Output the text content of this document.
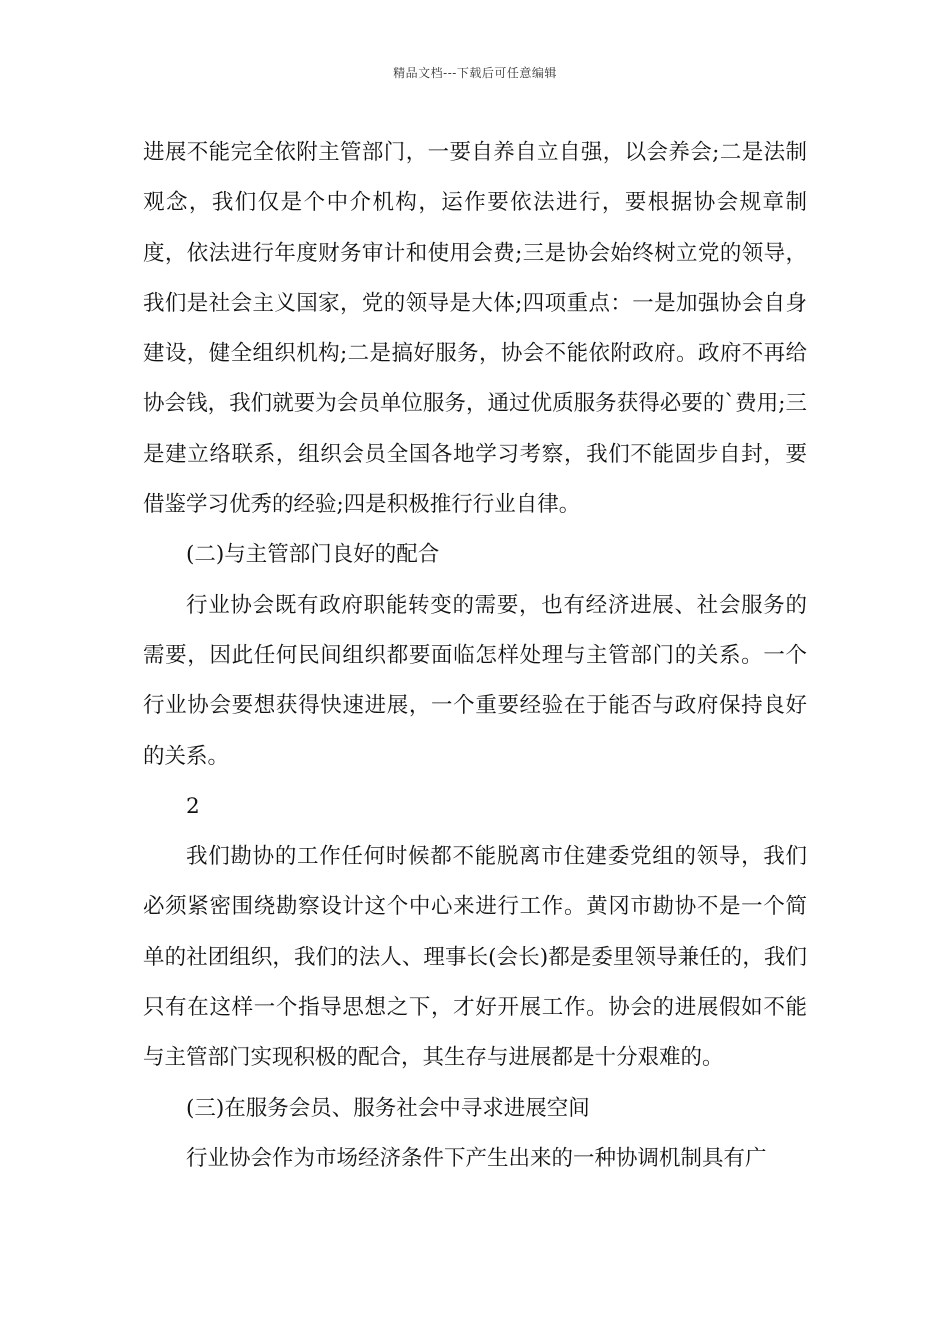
精品文档---下载后可任意编辑

进展不能完全依附主管部门，一要自养自立自强，以会养会;二是法制观念，我们仅是个中介机构，运作要依法进行，要根据协会规章制度，依法进行年度财务审计和使用会费;三是协会始终树立党的领导，我们是社会主义国家，党的领导是大体;四项重点：一是加强协会自身建设，健全组织机构;二是搞好服务，协会不能依附政府。政府不再给协会钱，我们就要为会员单位服务，通过优质服务获得必要的`费用;三是建立络联系，组织会员全国各地学习考察，我们不能固步自封，要借鉴学习优秀的经验;四是积极推行行业自律。

(二)与主管部门良好的配合

行业协会既有政府职能转变的需要，也有经济进展、社会服务的需要，因此任何民间组织都要面临怎样处理与主管部门的关系。一个行业协会要想获得快速进展，一个重要经验在于能否与政府保持良好的关系。

2

我们勘协的工作任何时候都不能脱离市住建委党组的领导，我们必须紧密围绕勘察设计这个中心来进行工作。黄冈市勘协不是一个简单的社团组织，我们的法人、理事长(会长)都是委里领导兼任的，我们只有在这样一个指导思想之下，才好开展工作。协会的进展假如不能与主管部门实现积极的配合，其生存与进展都是十分艰难的。

(三)在服务会员、服务社会中寻求进展空间

行业协会作为市场经济条件下产生出来的一种协调机制具有广
